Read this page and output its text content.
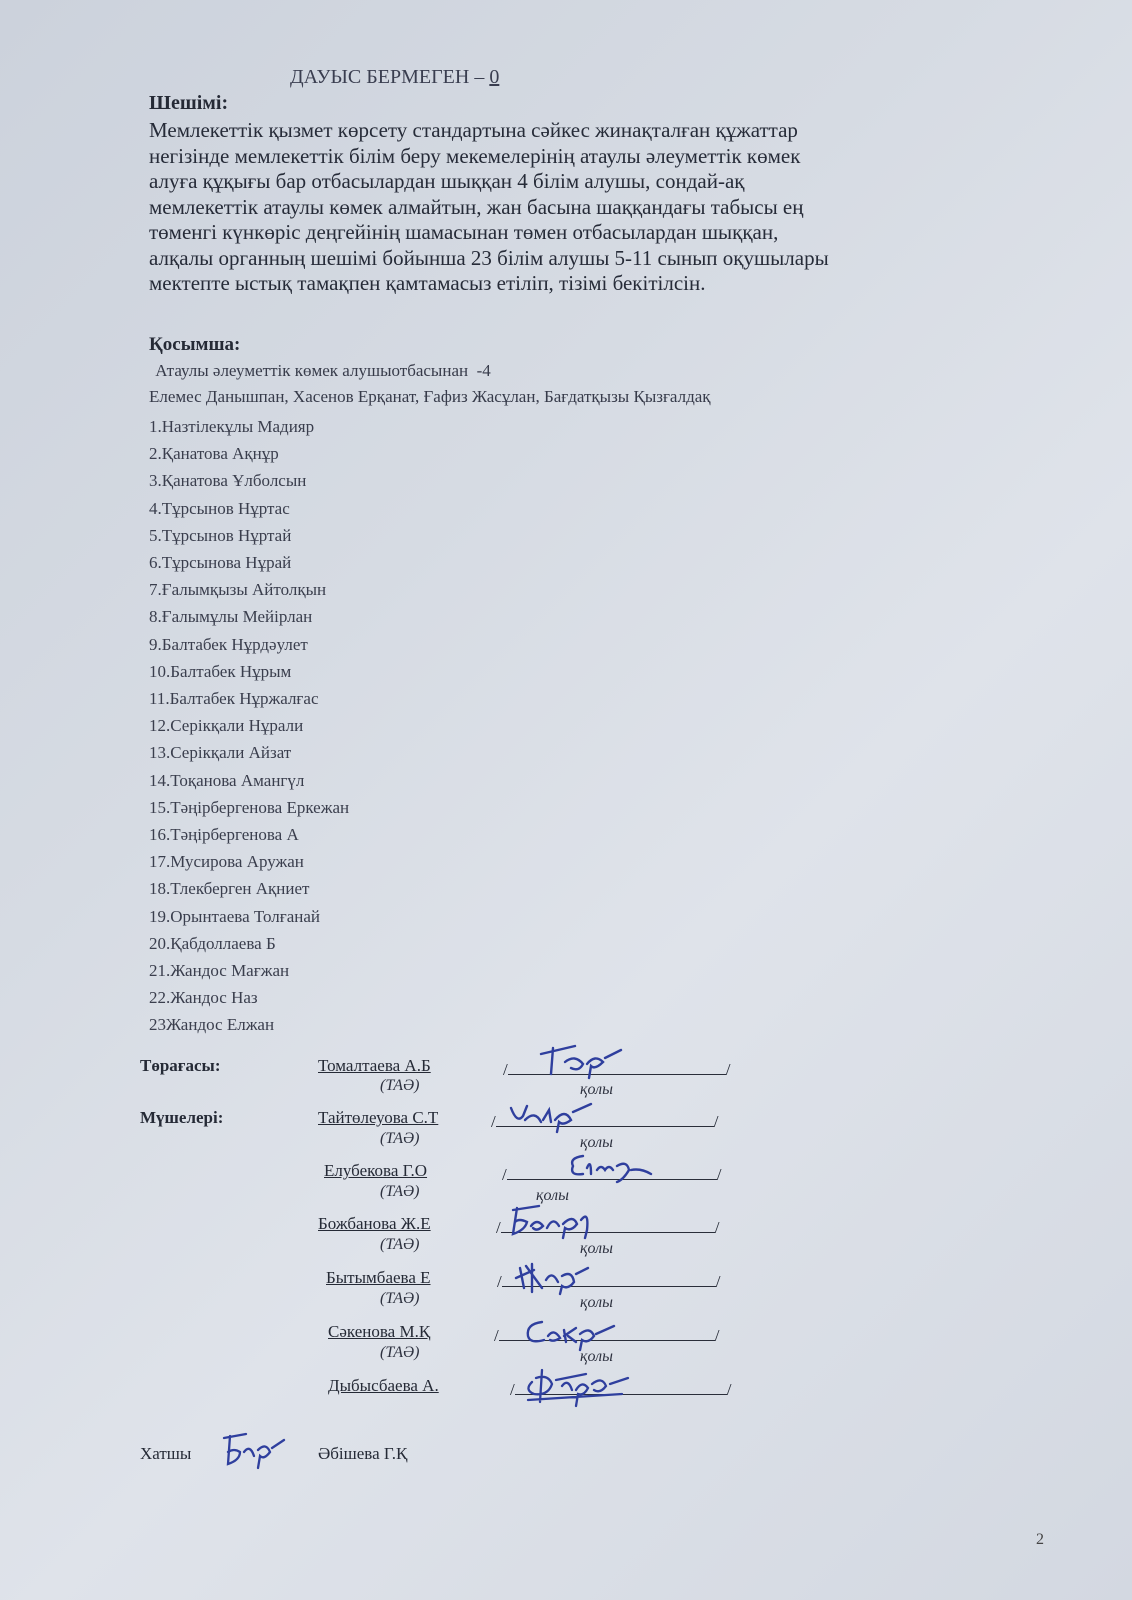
ДАУЫС БЕРМЕГЕН – 0
Шешімі:

Мемлекеттік қызмет көрсету стандартына сәйкес жинақталған құжаттар

негізінде мемлекеттік білім беру мекемелерінің атаулы әлеуметтік көмек

алуға құқығы бар отбасылардан шыққан 4 білім алушы, сондай-ақ

мемлекеттік атаулы көмек алмайтын, жан басына шаққандағы табысы ең

төменгі күнкөріс деңгейінің шамасынан төмен отбасылардан шыққан,

алқалы органның шешімі бойынша 23 білім алушы 5-11 сынып оқушылары

мектепте ыстық тамақпен қамтамасыз етіліп, тізімі бекітілсін.

Қосымша:
Атаулы әлеуметтік көмек алушыотбасынан  -4
Елемес Данышпан, Хасенов Ерқанат, Ғафиз Жасұлан, Бағдатқызы Қызғалдақ
1.Назтілекұлы Мадияр
2.Қанатова Ақнұр
3.Қанатова Ұлболсын
4.Тұрсынов Нұртас
5.Тұрсынов Нұртай
6.Тұрсынова Нұрай
7.Ғалымқызы Айтолқын
8.Ғалымұлы Мейірлан
9.Балтабек Нұрдәулет
10.Балтабек Нұрым
11.Балтабек Нұржалғас
12.Серікқали Нұрали
13.Серікқали Айзат
14.Тоқанова Амангүл
15.Тәңірбергенова Еркежан
16.Тәңірбергенова А
17.Мусирова Аружан
18.Тлекберген Ақниет
19.Орынтаева Толғанай
20.Қабдоллаева Б
21.Жандос Мағжан
22.Жандос Наз
23Жандос Елжан
Төрағасы:	Томалтаева А.Б	/	/
(ТАӘ)	қолы
Мүшелері:	Тайтөлеуова С.Т	/	/
(ТАӘ)	қолы
Елубекова Г.О	/	/
(ТАӘ)	қолы
Божбанова Ж.Е	/	/
(ТАӘ)	қолы
Бытымбаева Е	/	/
(ТАӘ)	қолы
Сәкенова М.Қ	/	/
(ТАӘ)	қолы
Дыбысбаева А.	/	/
Хатшы	Әбішева Г.Қ
2
